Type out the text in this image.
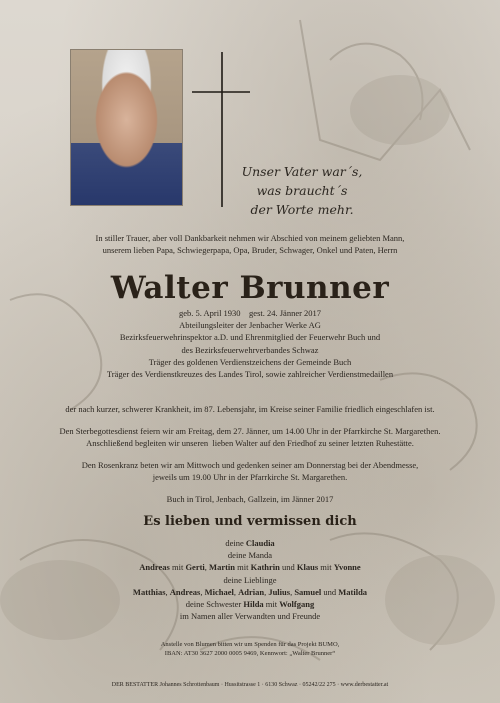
Unser Vater war´s,
was braucht´s
der Worte mehr.
In stiller Trauer, aber voll Dankbarkeit nehmen wir Abschied von meinem geliebten Mann,
unserem lieben Papa, Schwiegerpapa, Opa, Bruder, Schwager, Onkel und Paten, Herrn
Walter Brunner
geb. 5. April 1930    gest. 24. Jänner 2017
Abteilungsleiter der Jenbacher Werke AG
Bezirksfeuerwehrinspektor a.D. und Ehrenmitglied der Feuerwehr Buch und
des Bezirksfeuerwehrverbandes Schwaz
Träger des goldenen Verdienstzeichens der Gemeinde Buch
Träger des Verdienstkreuzes des Landes Tirol, sowie zahlreicher Verdienstmedaillen
der nach kurzer, schwerer Krankheit, im 87. Lebensjahr, im Kreise seiner Familie friedlich eingeschlafen ist.
Den Sterbegottesdienst feiern wir am Freitag, dem 27. Jänner, um 14.00 Uhr in der Pfarrkirche St. Margarethen.
Anschließend begleiten wir unseren  lieben Walter auf den Friedhof zu seiner letzten Ruhestätte.
Den Rosenkranz beten wir am Mittwoch und gedenken seiner am Donnerstag bei der Abendmesse,
jeweils um 19.00 Uhr in der Pfarrkirche St. Margarethen.
Buch in Tirol, Jenbach, Gallzein, im Jänner 2017
Es lieben und vermissen dich
deine Claudia
deine Manda
Andreas mit Gerti, Martin mit Kathrin und Klaus mit Yvonne
deine Lieblinge
Matthias, Andreas, Michael, Adrian, Julius, Samuel und Matilda
deine Schwester Hilda mit Wolfgang
im Namen aller Verwandten und Freunde
Anstelle von Blumen bitten wir um Spenden für das Projekt BUMO,
IBAN: AT30 3627 2000 0005 9469, Kennwort: „Walter Brunner“
DER BESTATTER Johannes Schrottenbaum · Hussitstrasse 1 · 6130 Schwaz · 05242/22 275 · www.derbestatter.at
